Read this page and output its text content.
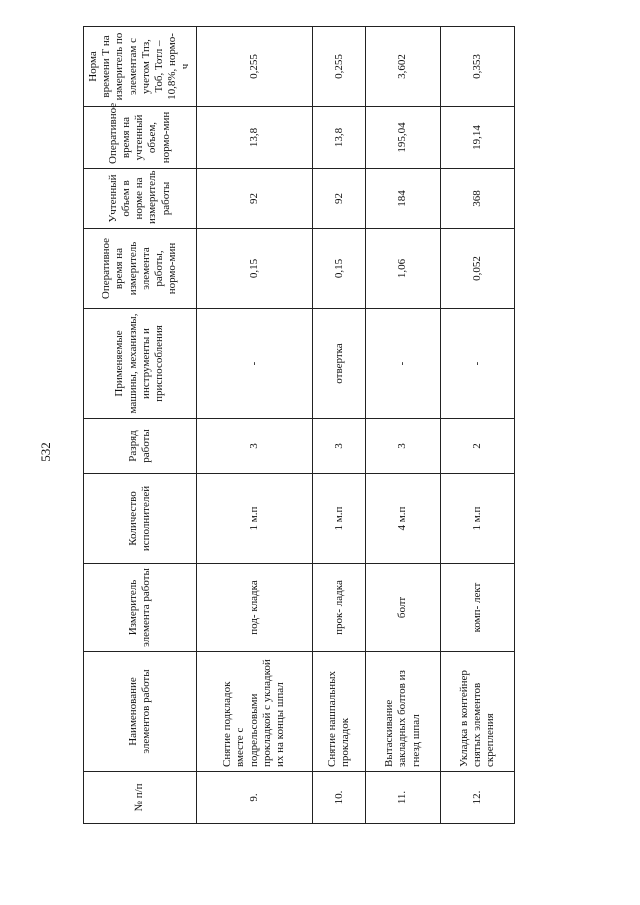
532
№ п/п	Наименование элементов работы	Измеритель элемента работы	Количество исполнителей	Разряд работы	Применяемые машины, механизмы, инструменты и приспособления	Оперативное время на измеритель элемента работы, нормо-мин	Учтенный объем в норме на измеритель работы	Оперативное время на учтенный объем, нормо-мин	Норма времени Т на измеритель по элементам с учетом Тпз, Тоб, Тотл – 10,8%, нормо-ч
9.	Снятие подкладок вместе с подрельсовыми прокладкой с укладкой их на концы шпал	под- кладка	1 м.п	3	-	0,15	92	13,8	0,255
10.	Снятие нашпальных прокладок	прок- ладка	1 м.п	3	отвертка	0,15	92	13,8	0,255
11.	Вытаскивание закладных болтов из гнезд шпал	болт	4 м.п	3	-	1,06	184	195,04	3,602
12.	Укладка в контейнер снятых элементов скрепления	комп- лект	1 м.п	2	-	0,052	368	19,14	0,353
